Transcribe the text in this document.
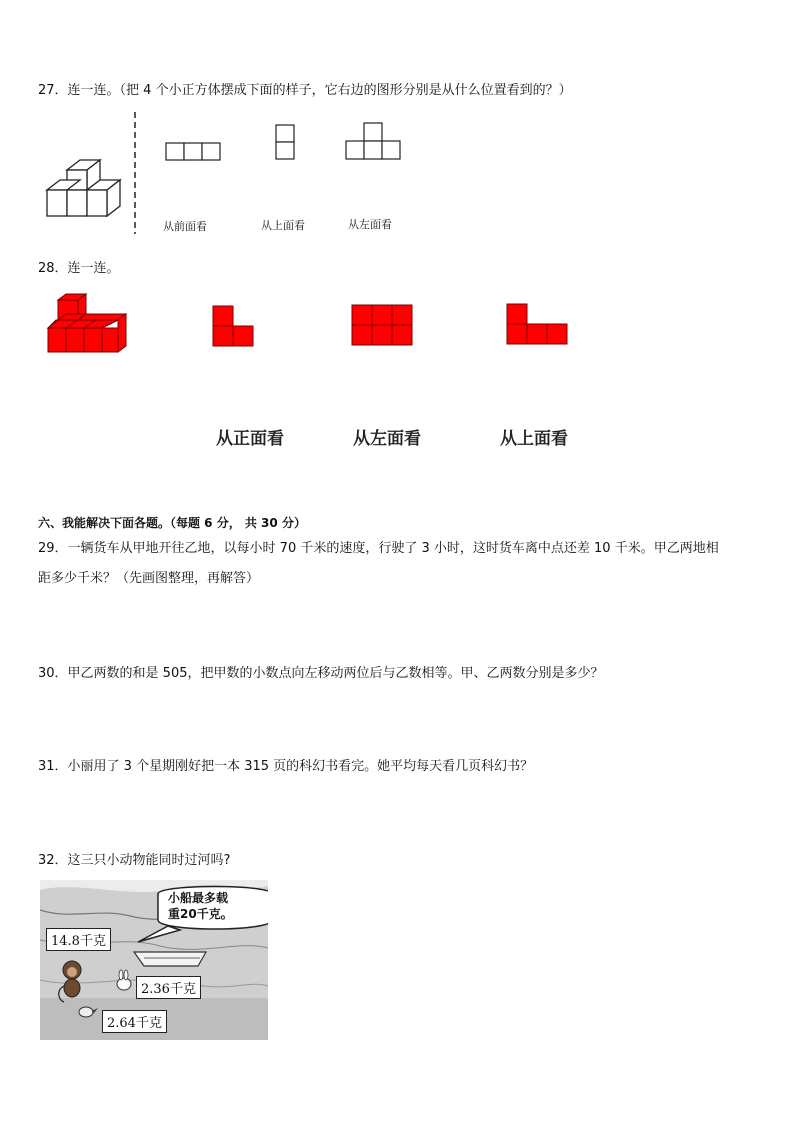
27．连一连。（把 4 个小正方体摆成下面的样子，它右边的图形分别是从什么位置看到的？）
从前面看	从上面看	从左面看
28．连一连。
从正面看	从左面看	从上面看
六、我能解决下面各题。（每题 6 分， 共 30 分）
29．一辆货车从甲地开往乙地，以每小时 70 千米的速度，行驶了 3 小时，这时货车离中点还差 10 千米。甲乙两地相
距多少千米？（先画图整理，再解答）
30．甲乙两数的和是 505，把甲数的小数点向左移动两位后与乙数相等。甲、乙两数分别是多少？
31．小丽用了 3 个星期刚好把一本 315 页的科幻书看完。她平均每天看几页科幻书？
32．这三只小动物能同时过河吗?
小船最多载
重20千克。
14.8千克
2.36千克
2.64千克
